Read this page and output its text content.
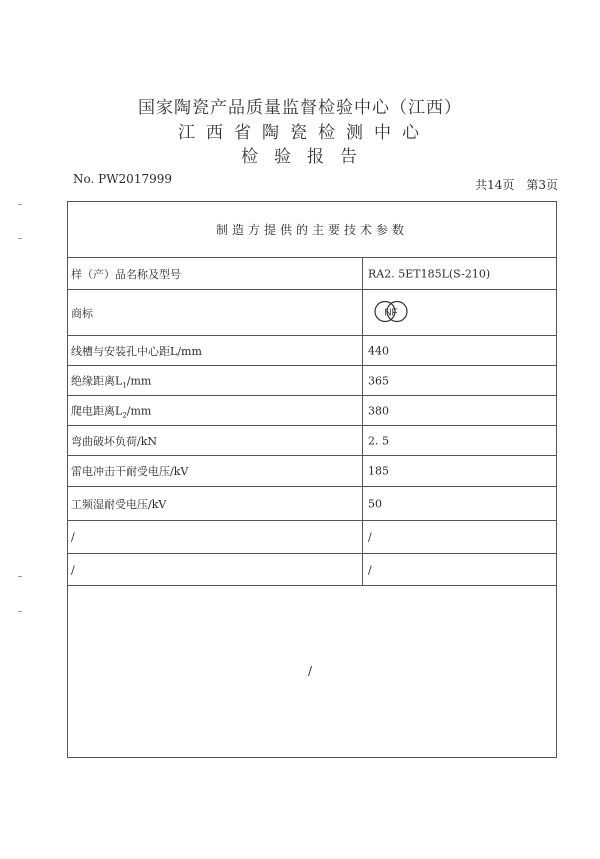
国家陶瓷产品质量监督检验中心（江西）
江西省陶瓷检测中心
检验报告
No. PW2017999	共14页 第3页
制造方提供的主要技术参数
样（产）品名称及型号	RA2. 5ET185L(S-210)
商标	NF
线槽与安装孔中心距L/mm	440
绝缘距离$L_1/mm$	365
爬电距离$L_2/mm$	380
弯曲破坏负荷/kN	2. 5
雷电冲击干耐受电压/kV	185
工频湿耐受电压/kV	50
/	/
/	/
/
